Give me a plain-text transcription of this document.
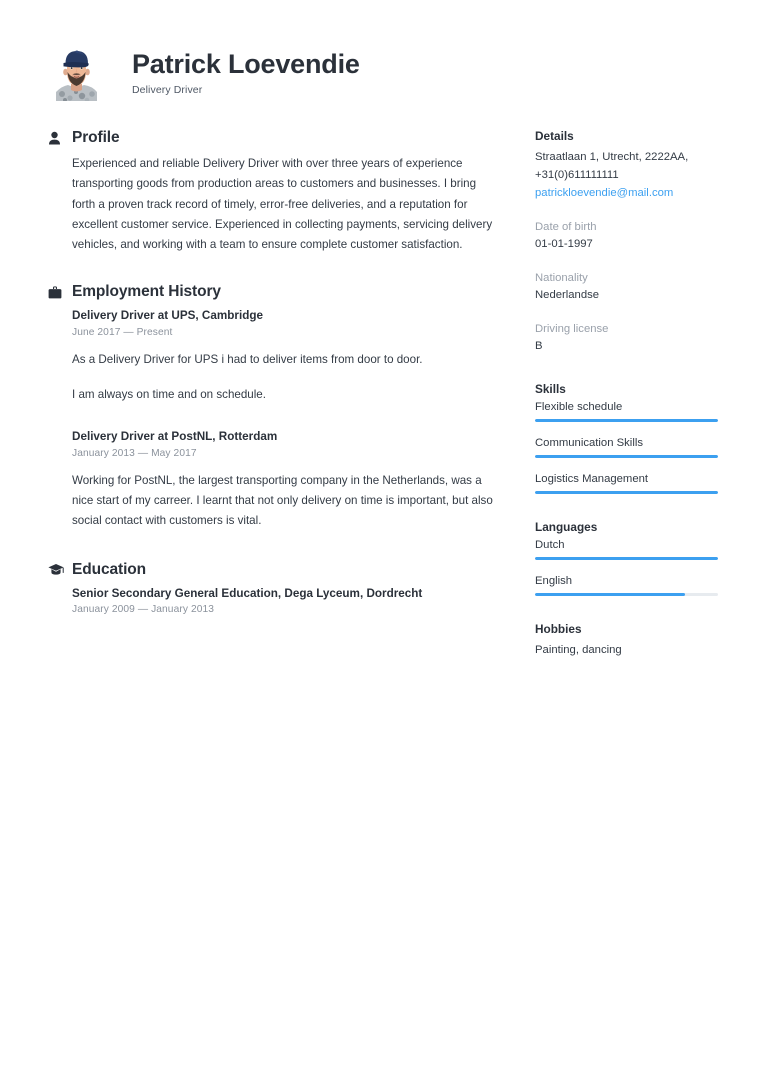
Patrick Loevendie
Delivery Driver
Profile

Experienced and reliable Delivery Driver with over three years of experience transporting goods from production areas to customers and businesses. I bring forth a proven track record of timely, error-free deliveries, and a reputation for excellent customer service. Experienced in collecting payments, servicing delivery vehicles, and working with a team to ensure complete customer satisfaction.

Employment History
Delivery Driver at UPS, Cambridge
June 2017 — Present
As a Delivery Driver for UPS i had to deliver items from door to door.
I am always on time and on schedule.
Delivery Driver at PostNL, Rotterdam
January 2013 — May 2017
Working for PostNL, the largest transporting company in the Netherlands, was a nice start of my carreer. I learnt that not only delivery on time is important, but also social contact with customers is vital.
Education
Senior Secondary General Education, Dega Lyceum, Dordrecht
January 2009 — January 2013
Details
Straatlaan 1, Utrecht, 2222AA,
+31(0)611111111
patrickloevendie@mail.com
Date of birth
01-01-1997
Nationality
Nederlandse
Driving license
B
Skills
Flexible schedule
Communication Skills
Logistics Management
Languages
Dutch
English
Hobbies
Painting, dancing
